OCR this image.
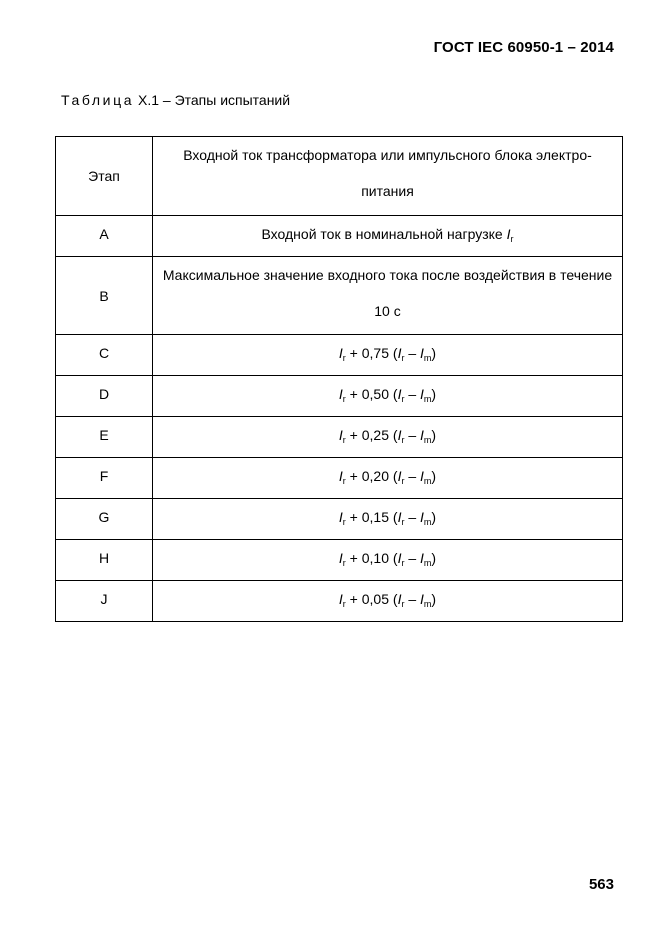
ГОСТ IEC 60950-1 – 2014
Таблица X.1 – Этапы испытаний
Этап	Входной ток трансформатора или импульсного блока электро-питания
A	Входной ток в номинальной нагрузке $I_r$
B	Максимальное значение входного тока после воздействия в течение 10 с
C	$I_r + 0,75$ $(I_r - I_m)$
D	$I_r + 0,50$ $(I_r - I_m)$
E	$I_r + 0,25$ $(I_r - I_m)$
F	$I_r + 0,20$ $(I_r - I_m)$
G	$I_r + 0,15$ $(I_r - I_m)$
H	$I_r + 0,10$ $(I_r - I_m)$
J	$I_r + 0,05$ $(I_r - I_m)$
563
